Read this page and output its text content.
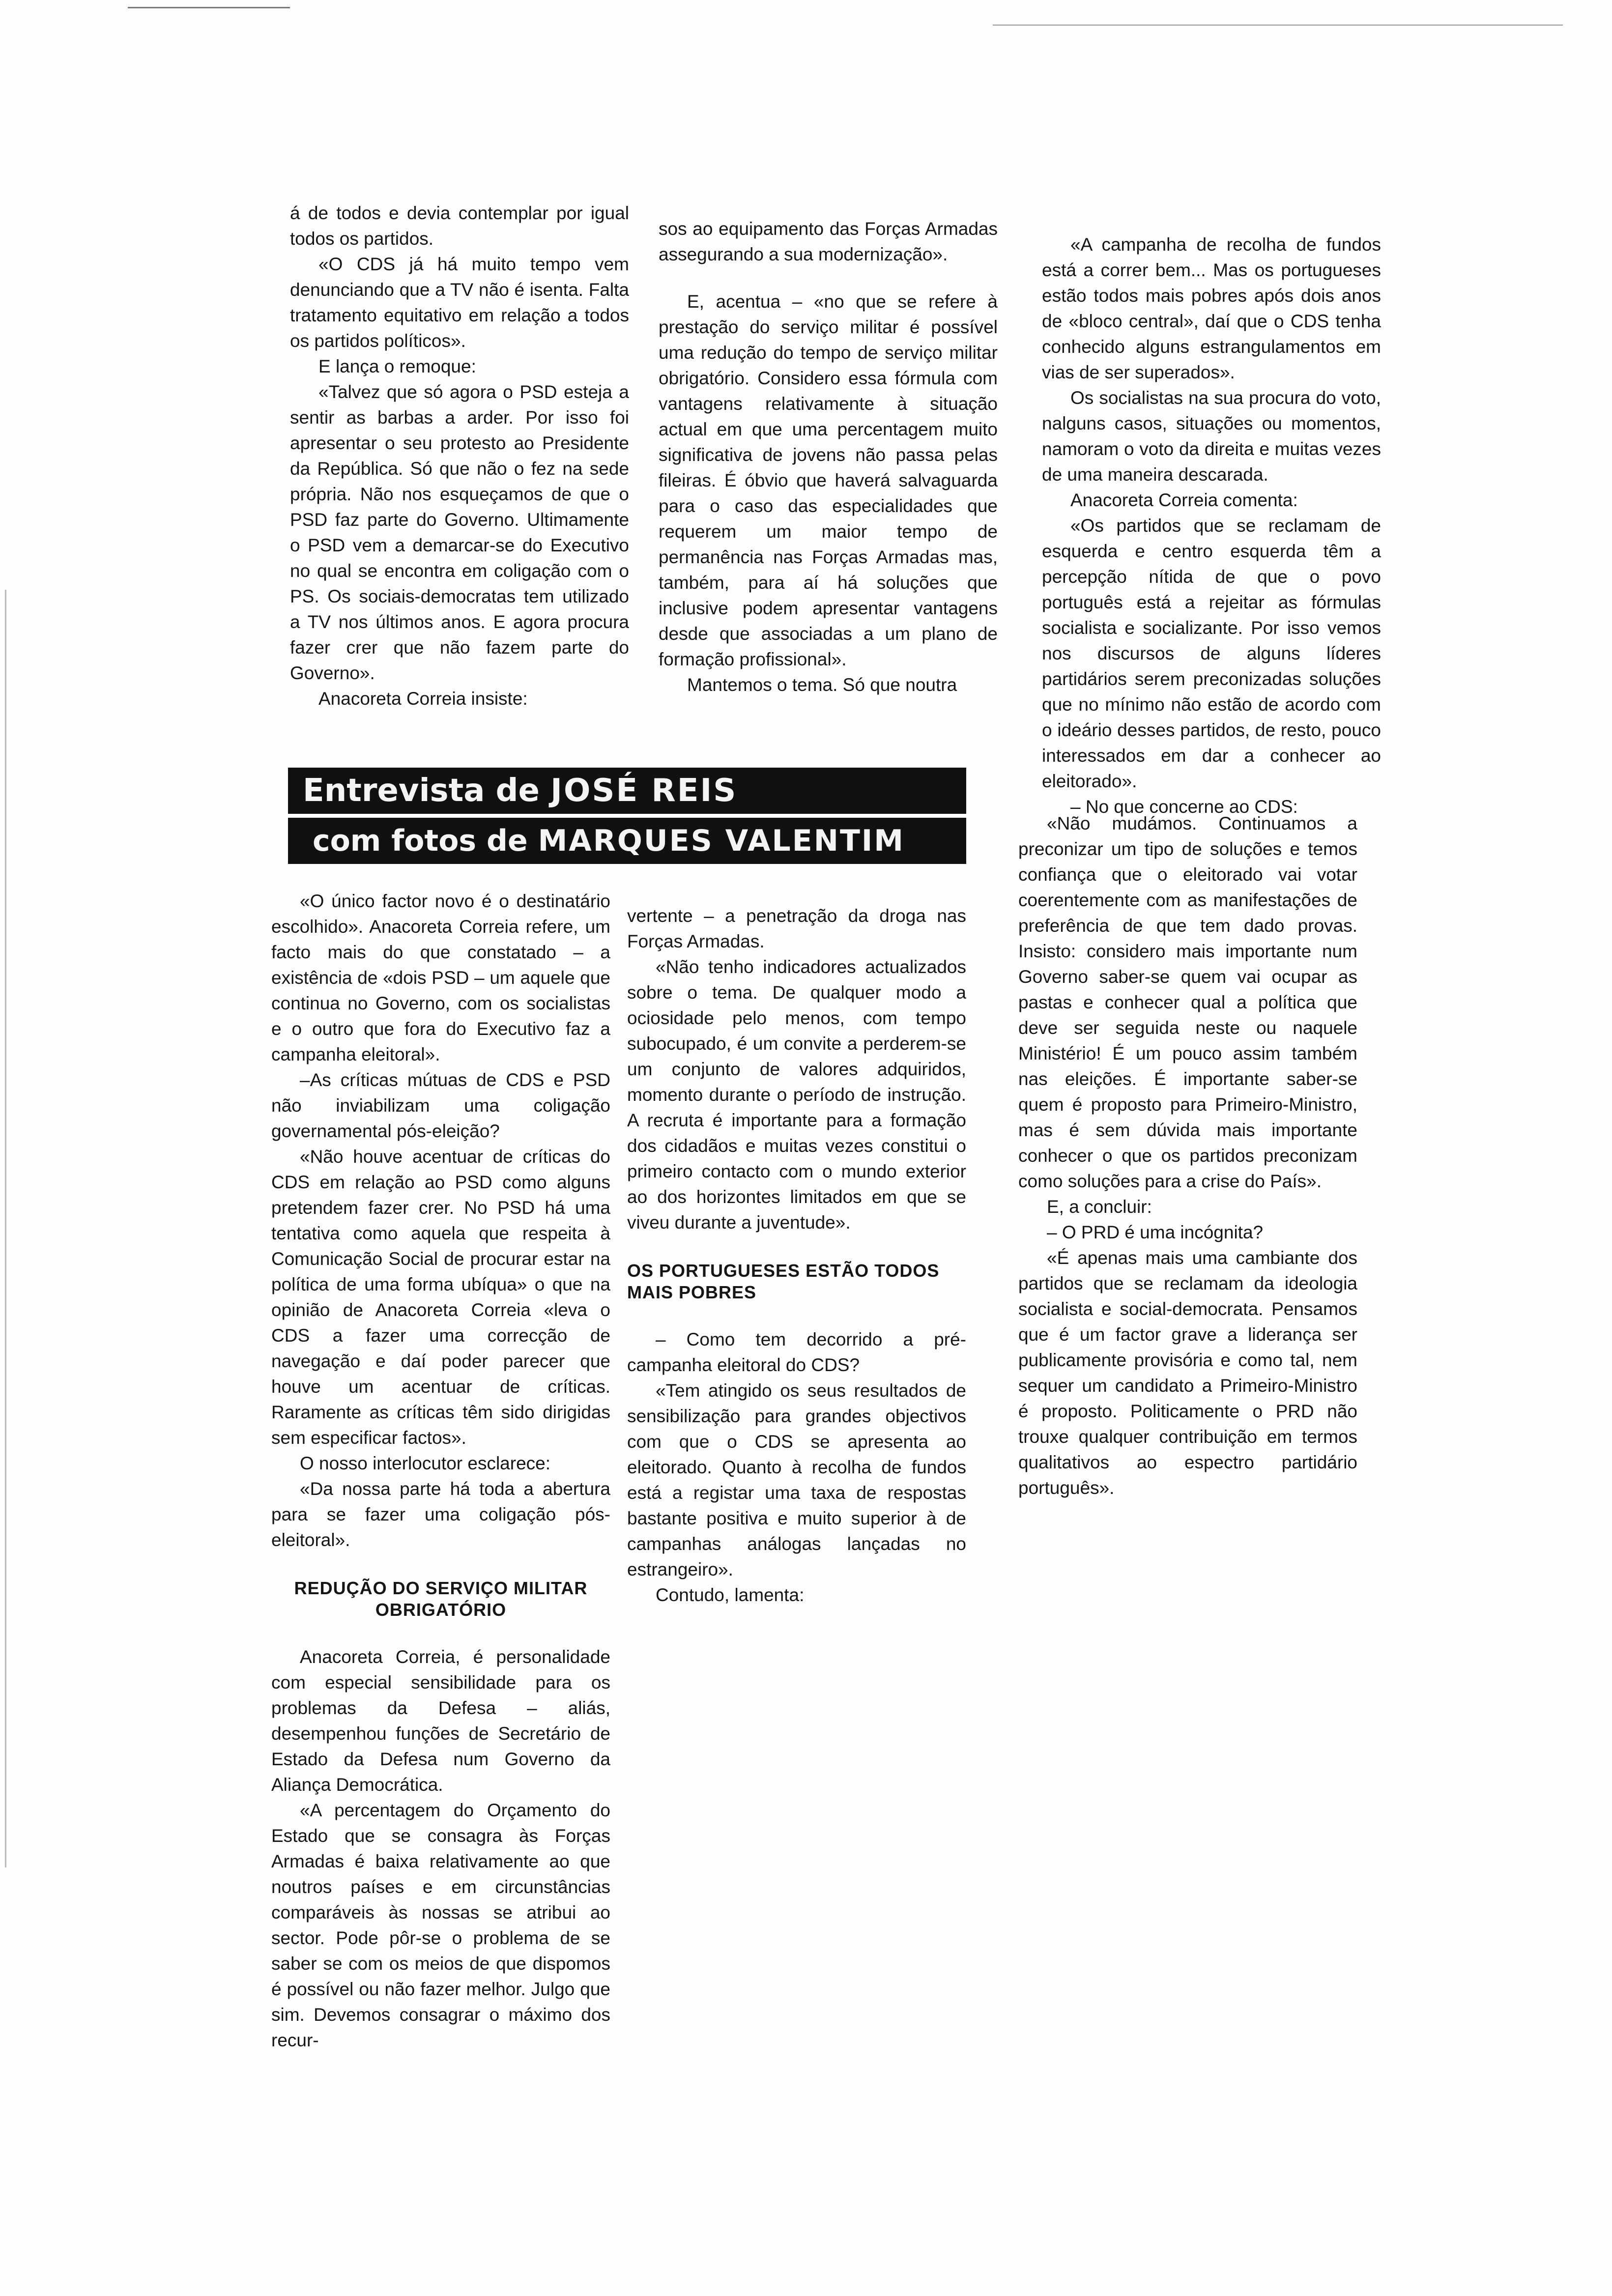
á de todos e devia contemplar por igual todos os partidos.

«O CDS já há muito tempo vem denunciando que a TV não é isenta. Falta tratamento equitativo em relação a todos os partidos políticos».

E lança o remoque:

«Talvez que só agora o PSD esteja a sentir as barbas a arder. Por isso foi apresentar o seu protesto ao Presidente da República. Só que não o fez na sede própria. Não nos esqueçamos de que o PSD faz parte do Governo. Ultimamente o PSD vem a demarcar-se do Executivo no qual se encontra em coligação com o PS. Os sociais-democratas tem utilizado a TV nos últimos anos. E agora procura fazer crer que não fazem parte do Governo».

Anacoreta Correia insiste:

sos ao equipamento das Forças Armadas assegurando a sua modernização».

E, acentua – «no que se refere à prestação do serviço militar é possível uma redução do tempo de serviço militar obrigatório. Considero essa fórmula com vantagens relativamente à situação actual em que uma percentagem muito significativa de jovens não passa pelas fileiras. É óbvio que haverá salvaguarda para o caso das especialidades que requerem um maior tempo de permanência nas Forças Armadas mas, também, para aí há soluções que inclusive podem apresentar vantagens desde que associadas a um plano de formação profissional».

Mantemos o tema. Só que noutra

«A campanha de recolha de fundos está a correr bem... Mas os portugueses estão todos mais pobres após dois anos de «bloco central», daí que o CDS tenha conhecido alguns estrangulamentos em vias de ser superados».

Os socialistas na sua procura do voto, nalguns casos, situações ou momentos, namoram o voto da direita e muitas vezes de uma maneira descarada.

Anacoreta Correia comenta:

«Os partidos que se reclamam de esquerda e centro esquerda têm a percepção nítida de que o povo português está a rejeitar as fórmulas socialista e socializante. Por isso vemos nos discursos de alguns líderes partidários serem preconizadas soluções que no mínimo não estão de acordo com o ideário desses partidos, de resto, pouco interessados em dar a conhecer ao eleitorado».

– No que concerne ao CDS:

Entrevista de JOSÉ REIS
com fotos de MARQUES VALENTIM

«O único factor novo é o destinatário escolhido». Anacoreta Correia refere, um facto mais do que constatado – a existência de «dois PSD – um aquele que continua no Governo, com os socialistas e o outro que fora do Executivo faz a campanha eleitoral».

–As críticas mútuas de CDS e PSD não inviabilizam uma coligação governamental pós-eleição?

«Não houve acentuar de críticas do CDS em relação ao PSD como alguns pretendem fazer crer. No PSD há uma tentativa como aquela que respeita à Comunicação Social de procurar estar na política de uma forma ubíqua» o que na opinião de Anacoreta Correia «leva o CDS a fazer uma correcção de navegação e daí poder parecer que houve um acentuar de críticas. Raramente as críticas têm sido dirigidas sem especificar factos».

O nosso interlocutor esclarece:

«Da nossa parte há toda a abertura para se fazer uma coligação pós-eleitoral».

REDUÇÃO DO SERVIÇO MILITAR OBRIGATÓRIO

Anacoreta Correia, é personalidade com especial sensibilidade para os problemas da Defesa – aliás, desempenhou funções de Secretário de Estado da Defesa num Governo da Aliança Democrática.

«A percentagem do Orçamento do Estado que se consagra às Forças Armadas é baixa relativamente ao que noutros países e em circunstâncias comparáveis às nossas se atribui ao sector. Pode pôr-se o problema de se saber se com os meios de que dispomos é possível ou não fazer melhor. Julgo que sim. Devemos consagrar o máximo dos recur-

vertente – a penetração da droga nas Forças Armadas.

«Não tenho indicadores actualizados sobre o tema. De qualquer modo a ociosidade pelo menos, com tempo subocupado, é um convite a perderem-se um conjunto de valores adquiridos, momento durante o período de instrução. A recruta é importante para a formação dos cidadãos e muitas vezes constitui o primeiro contacto com o mundo exterior ao dos horizontes limitados em que se viveu durante a juventude».

OS PORTUGUESES ESTÃO TODOS MAIS POBRES

– Como tem decorrido a pré-campanha eleitoral do CDS?

«Tem atingido os seus resultados de sensibilização para grandes objectivos com que o CDS se apresenta ao eleitorado. Quanto à recolha de fundos está a registar uma taxa de respostas bastante positiva e muito superior à de campanhas análogas lançadas no estrangeiro».

Contudo, lamenta:

«Não mudámos. Continuamos a preconizar um tipo de soluções e temos confiança que o eleitorado vai votar coerentemente com as manifestações de preferência de que tem dado provas. Insisto: considero mais importante num Governo saber-se quem vai ocupar as pastas e conhecer qual a política que deve ser seguida neste ou naquele Ministério! É um pouco assim também nas eleições. É importante saber-se quem é proposto para Primeiro-Ministro, mas é sem dúvida mais importante conhecer o que os partidos preconizam como soluções para a crise do País».

E, a concluir:

– O PRD é uma incógnita?

«É apenas mais uma cambiante dos partidos que se reclamam da ideologia socialista e social-democrata. Pensamos que é um factor grave a liderança ser publicamente provisória e como tal, nem sequer um candidato a Primeiro-Ministro é proposto. Politicamente o PRD não trouxe qualquer contribuição em termos qualitativos ao espectro partidário português».
